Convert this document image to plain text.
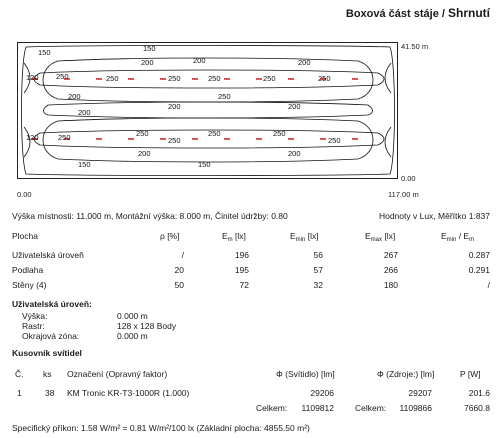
Boxová část stáje / Shrnutí
150
200
250	250	250	250	250	250
120
150
200
200
200	200
200
120	250	250	250	250
250	250
200	200
150	150
200
250
41.50 m
0.00
0.00	117.00 m
Výška místnosti: 11.000 m, Montážní výška: 8.000 m, Činitel údržby: 0.80	Hodnoty v Lux, Měřítko 1:837
Plocha	ρ [%]	$E_m$ [lx]	$E_{min}$ [lx]	$E_{max}$ [lx]	$E_{min} / E_m$
Uživatelská úroveň	/	196	56	267	0.287
Podlaha	20	195	57	266	0.291
Stěny (4)	50	72	32	180	/
Uživatelská úroveň:
Výška:	0.000 m
Rastr:	128 x 128 Body
Okrajová zóna:	0.000 m
Kusovník svítidel
Č. ks Označení (Opravný faktor)	Φ (Svítidlo) [lm]	Φ (Zdroje:) [lm]	P [W]
1	38 KM Tronic KR-T3-1000R (1.000)	29206	29207	201.6
Celkem:	1109812 Celkem:	1109866	7660.8
Specifický příkon: 1.58 W/m² = 0.81 W/m²/100 lx (Základní plocha: 4855.50 m²)
